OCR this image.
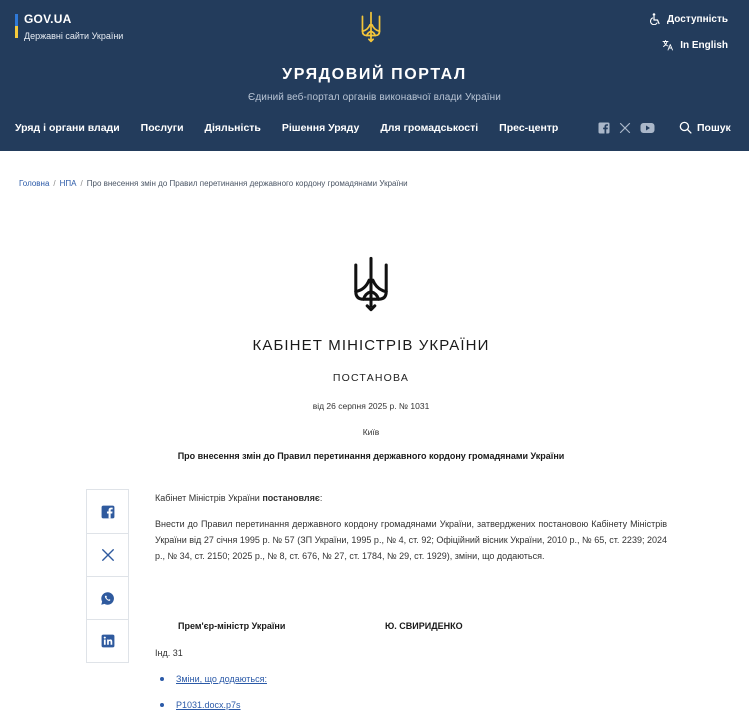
GOV.UA
Державні сайти України
Доступність
In English
УРЯДОВИЙ ПОРТАЛ
Єдиний веб-портал органів виконавчої влади України
Уряд і органи влади Послуги Діяльність Рішення Уряду Для громадськості Прес-центр	Пошук
Головна / НПА / Про внесення змін до Правил перетинання державного кордону громадянами України
КАБІНЕТ МІНІСТРІВ УКРАЇНИ
ПОСТАНОВА
від 26 серпня 2025 р. № 1031
Київ
Про внесення змін до Правил перетинання державного кордону громадянами України
Кабінет Міністрів України постановляє:
Внести до Правил перетинання державного кордону громадянами України, затверджених постановою Кабінету Міністрів України від 27 січня 1995 р. № 57 (ЗП України, 1995 р., № 4, ст. 92; Офіційний вісник України, 2010 р., № 65, ст. 2239; 2024 р., № 34, ст. 2150; 2025 р., № 8, ст. 676, № 27, ст. 1784, № 29, ст. 1929), зміни, що додаються.
Прем'єр-міністр України	Ю. СВИРИДЕНКО
Інд. 31
Зміни, що додаються:
P1031.docx.p7s
